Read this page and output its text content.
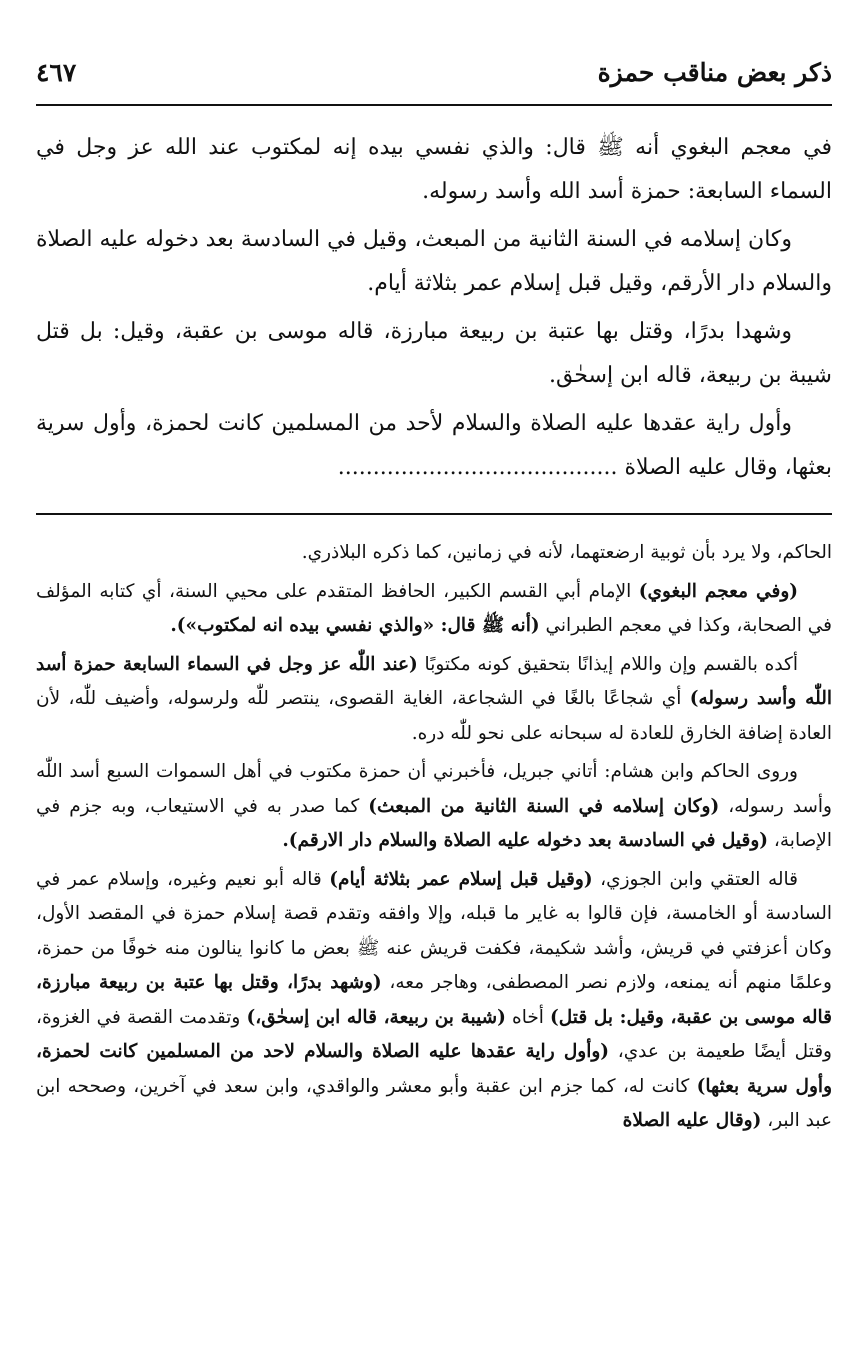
٤٦٧	ذكر بعض مناقب حمزة

في معجم البغوي أنه ﷺ قال: والذي نفسي بيده إنه لمكتوب عند الله عز وجل في السماء السابعة: حمزة أسد الله وأسد رسوله.

وكان إسلامه في السنة الثانية من المبعث، وقيل في السادسة بعد دخوله عليه الصلاة والسلام دار الأرقم، وقيل قبل إسلام عمر بثلاثة أيام.

وشهدا بدرًا، وقتل بها عتبة بن ربيعة مبارزة، قاله موسى بن عقبة، وقيل: بل قتل شيبة بن ربيعة، قاله ابن إسحٰق.

وأول راية عقدها عليه الصلاة والسلام لأحد من المسلمين كانت لحمزة، وأول سرية بعثها، وقال عليه الصلاة ........................................

الحاكم، ولا يرد بأن ثوبية ارضعتهما، لأنه في زمانين، كما ذكره البلاذري.

(وفي معجم البغوي) الإمام أبي القسم الكبير، الحافظ المتقدم على محيي السنة، أي كتابه المؤلف في الصحابة، وكذا في معجم الطبراني (أنه ﷺ قال: «والذي نفسي بيده انه لمكتوب»).

أكده بالقسم وإن واللام إيذانًا بتحقيق كونه مكتوبًا (عند اللّٰه عز وجل في السماء السابعة حمزة أسد اللّٰه وأسد رسوله) أي شجاعًا بالغًا في الشجاعة، الغاية القصوى، ينتصر للّٰه ولرسوله، وأضيف للّٰه، لأن العادة إضافة الخارق للعادة له سبحانه على نحو للّٰه دره.

وروى الحاكم وابن هشام: أتاني جبريل، فأخبرني أن حمزة مكتوب في أهل السموات السبع أسد اللّٰه وأسد رسوله، (وكان إسلامه في السنة الثانية من المبعث) كما صدر به في الاستيعاب، وبه جزم في الإصابة، (وقيل في السادسة بعد دخوله عليه الصلاة والسلام دار الارقم).

قاله العتقي وابن الجوزي، (وقيل قبل إسلام عمر بثلاثة أيام) قاله أبو نعيم وغيره، وإسلام عمر في السادسة أو الخامسة، فإن قالوا به غاير ما قبله، وإلا وافقه وتقدم قصة إسلام حمزة في المقصد الأول، وكان أعزفتي في قريش، وأشد شكيمة، فكفت قريش عنه ﷺ بعض ما كانوا ينالون منه خوفًا من حمزة، وعلمًا منهم أنه يمنعه، ولازم نصر المصطفى، وهاجر معه، (وشهد بدرًا، وقتل بها عتبة بن ربيعة مبارزة، قاله موسى بن عقبة، وقيل: بل قتل) أخاه (شيبة بن ربيعة، قاله ابن إسحٰق،) وتقدمت القصة في الغزوة، وقتل أيضًا طعيمة بن عدي، (وأول راية عقدها عليه الصلاة والسلام لاحد من المسلمين كانت لحمزة، وأول سرية بعثها) كانت له، كما جزم ابن عقبة وأبو معشر والواقدي، وابن سعد في آخرين، وصححه ابن عبد البر، (وقال عليه الصلاة
